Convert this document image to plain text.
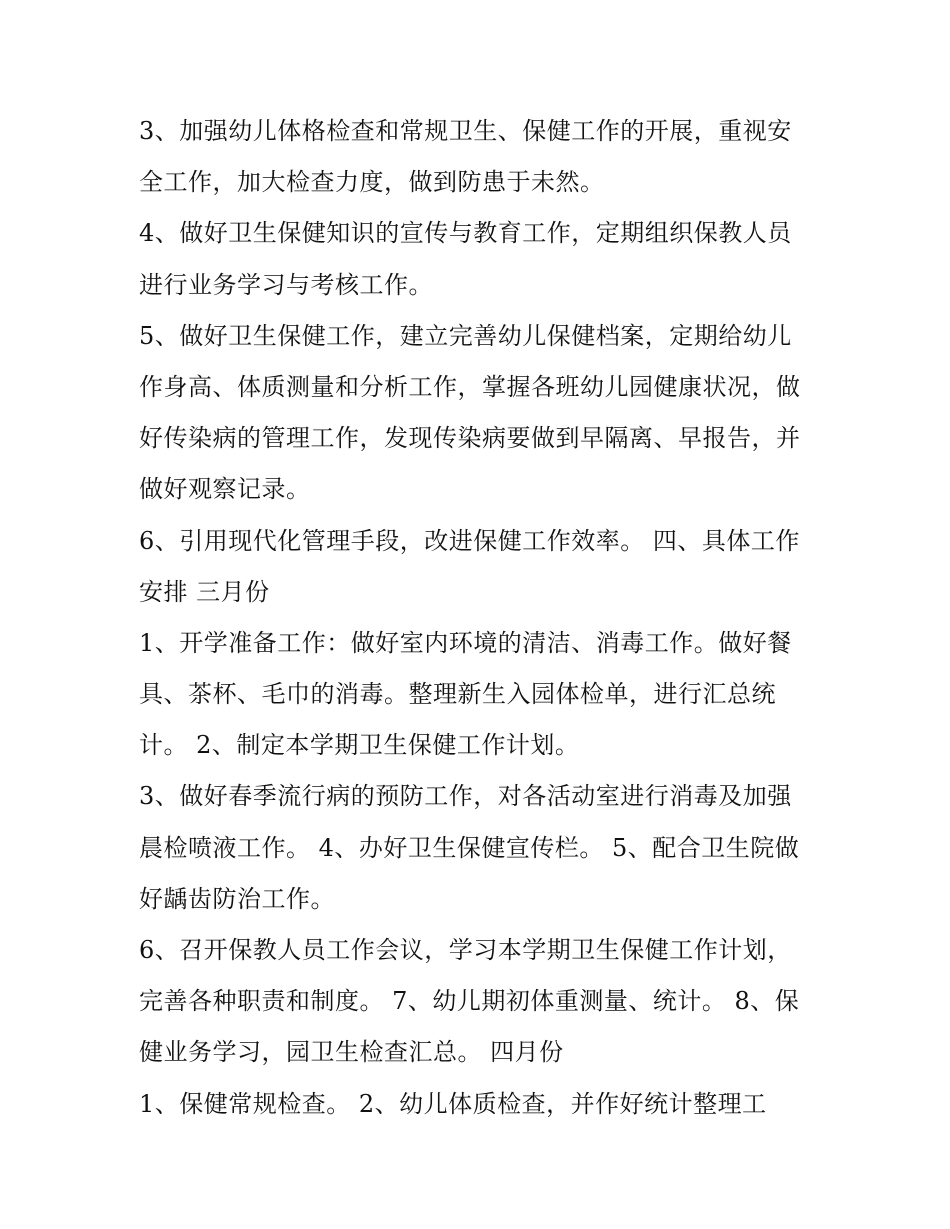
3、加强幼儿体格检查和常规卫生、保健工作的开展，重视安
全工作，加大检查力度，做到防患于未然。
4、做好卫生保健知识的宣传与教育工作，定期组织保教人员
进行业务学习与考核工作。
5、做好卫生保健工作，建立完善幼儿保健档案，定期给幼儿
作身高、体质测量和分析工作，掌握各班幼儿园健康状况，做
好传染病的管理工作，发现传染病要做到早隔离、早报告，并
做好观察记录。
6、引用现代化管理手段，改进保健工作效率。 四、具体工作
安排 三月份
1、开学准备工作：做好室内环境的清洁、消毒工作。做好餐
具、茶杯、毛巾的消毒。整理新生入园体检单，进行汇总统
计。 2、制定本学期卫生保健工作计划。
3、做好春季流行病的预防工作，对各活动室进行消毒及加强
晨检喷液工作。 4、办好卫生保健宣传栏。 5、配合卫生院做
好龋齿防治工作。
6、召开保教人员工作会议，学习本学期卫生保健工作计划，
完善各种职责和制度。 7、幼儿期初体重测量、统计。 8、保
健业务学习，园卫生检查汇总。 四月份
1、保健常规检查。 2、幼儿体质检查，并作好统计整理工
